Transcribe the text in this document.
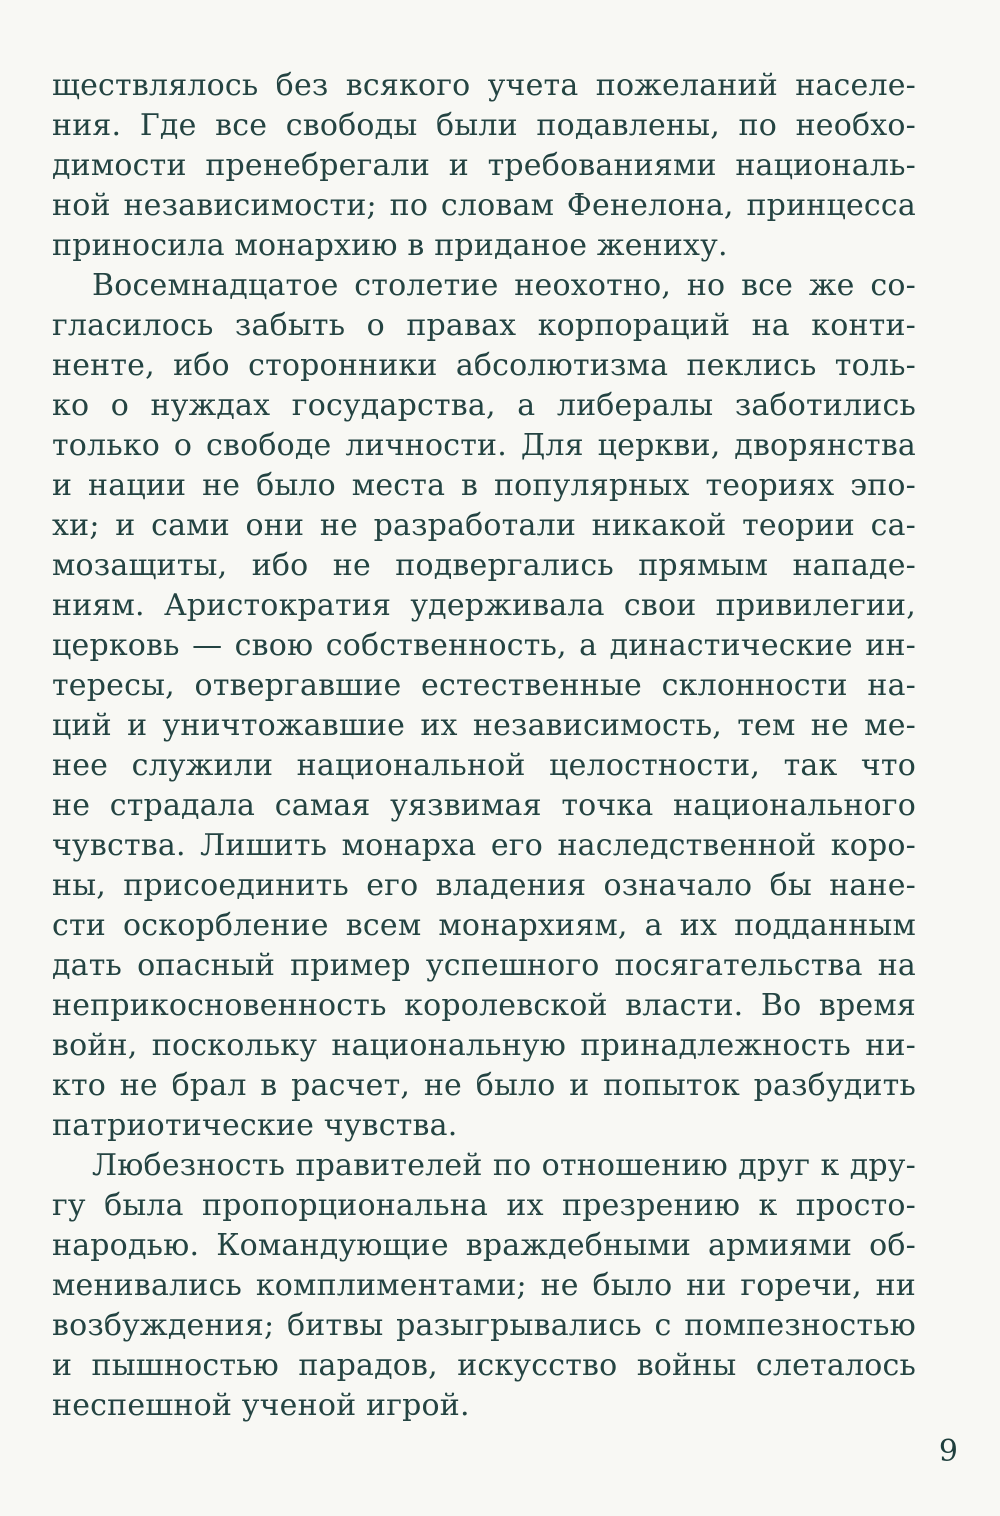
ществлялось без всякого учета пожеланий населе-
ния. Где все свободы были подавлены, по необхо-
димости пренебрегали и требованиями националь-
ной независимости; по словам Фенелона, принцесса
приносила монархию в приданое жениху.

Восемнадцатое столетие неохотно, но все же со-
гласилось забыть о правах корпораций на конти-
ненте, ибо сторонники абсолютизма пеклись толь-
ко о нуждах государства, а либералы заботились
только о свободе личности. Для церкви, дворянства
и нации не было места в популярных теориях эпо-
хи; и сами они не разработали никакой теории са-
мозащиты, ибо не подвергались прямым нападе-
ниям. Аристократия удерживала свои привилегии,
церковь — свою собственность, а династические ин-
тересы, отвергавшие естественные склонности на-
ций и уничтожавшие их независимость, тем не ме-
нее служили национальной целостности, так что
не страдала самая уязвимая точка национального
чувства. Лишить монарха его наследственной коро-
ны, присоединить его владения означало бы нане-
сти оскорбление всем монархиям, а их подданным
дать опасный пример успешного посягательства на
неприкосновенность королевской власти. Во время
войн, поскольку национальную принадлежность ни-
кто не брал в расчет, не было и попыток разбудить
патриотические чувства.

Любезность правителей по отношению друг к дру-
гу была пропорциональна их презрению к просто-
народью. Командующие враждебными армиями об-
менивались комплиментами; не было ни горечи, ни
возбуждения; битвы разыгрывались с помпезностью
и пышностью парадов, искусство войны слеталось
неспешной ученой игрой.

9
